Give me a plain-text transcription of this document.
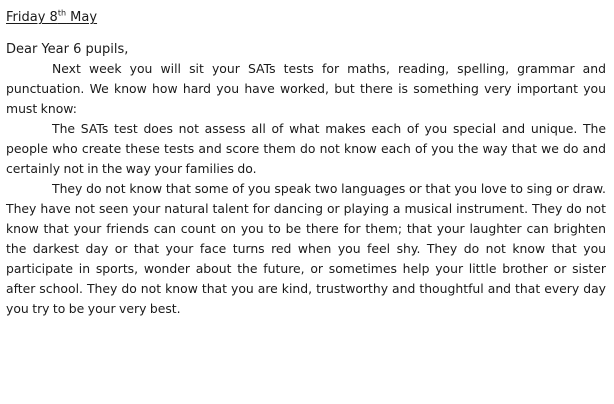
Friday 8th May
Dear Year 6 pupils,

Next week you will sit your SATs tests for maths, reading, spelling, grammar and punctuation. We know how hard you have worked, but there is something very important you must know:

The SATs test does not assess all of what makes each of you special and unique. The people who create these tests and score them do not know each of you the way that we do and certainly not in the way your families do.

They do not know that some of you speak two languages or that you love to sing or draw. They have not seen your natural talent for dancing or playing a musical instrument. They do not know that your friends can count on you to be there for them; that your laughter can brighten the darkest day or that your face turns red when you feel shy. They do not know that you participate in sports, wonder about the future, or sometimes help your little brother or sister after school. They do not know that you are kind, trustworthy and thoughtful and that every day you try to be your very best.
